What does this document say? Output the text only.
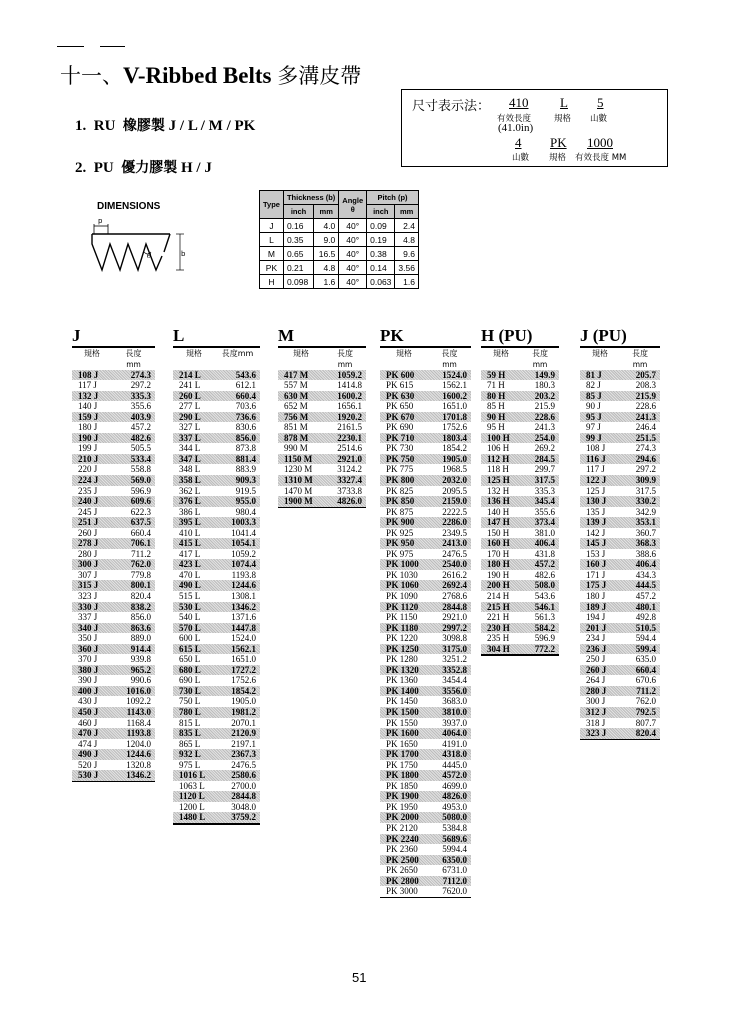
十一、V-Ribbed Belts 多溝皮帶
1. RU 橡膠製 J / L / M / PK
2. PU 優力膠製 H / J
尺寸表示法： 410 L 5
有效長度	規格 山數
(41.0in)
4 PK 1000
山數 規格 有效長度 MM
DIMENSIONS
p
θ	b
Type	Thickness (b)		Angle
θ	Pitch (p)	
	inch	mm		inch	mm
J	0.16	4.0	40°	0.09	2.4
L	0.35	9.0	40°	0.19	4.8
M	0.65	16.5	40°	0.38	9.6
PK	0.21	4.8	40°	0.14	3.56
H	0.098	1.6	40°	0.063	1.6
J
規格	長度
mm
108 J	274.3
117 J	297.2
132 J	335.3
140 J	355.6
159 J	403.9
180 J	457.2
190 J	482.6
199 J	505.5
210 J	533.4
220 J	558.8
224 J	569.0
235 J	596.9
240 J	609.6
245 J	622.3
251 J	637.5
260 J	660.4
278 J	706.1
280 J	711.2
300 J	762.0
307 J	779.8
315 J	800.1
323 J	820.4
330 J	838.2
337 J	856.0
340 J	863.6
350 J	889.0
360 J	914.4
370 J	939.8
380 J	965.2
390 J	990.6
400 J	1016.0
430 J	1092.2
450 J	1143.0
460 J	1168.4
470 J	1193.8
474 J	1204.0
490 J	1244.6
520 J	1320.8
530 J	1346.2
L
規格	長度mm
214 L	543.6
241 L	612.1
260 L	660.4
277 L	703.6
290 L	736.6
327 L	830.6
337 L	856.0
344 L	873.8
347 L	881.4
348 L	883.9
358 L	909.3
362 L	919.5
376 L	955.0
386 L	980.4
395 L	1003.3
410 L	1041.4
415 L	1054.1
417 L	1059.2
423 L	1074.4
470 L	1193.8
490 L	1244.6
515 L	1308.1
530 L	1346.2
540 L	1371.6
570 L	1447.8
600 L	1524.0
615 L	1562.1
650 L	1651.0
680 L	1727.2
690 L	1752.6
730 L	1854.2
750 L	1905.0
780 L	1981.2
815 L	2070.1
835 L	2120.9
865 L	2197.1
932 L	2367.3
975 L	2476.5
1016 L	2580.6
1063 L	2700.0
1120 L	2844.8
1200 L	3048.0
1480 L	3759.2
M
規格	長度
mm
417 M	1059.2
557 M	1414.8
630 M	1600.2
652 M	1656.1
756 M	1920.2
851 M	2161.5
878 M	2230.1
990 M	2514.6
1150 M	2921.0
1230 M	3124.2
1310 M	3327.4
1470 M	3733.8
1900 M	4826.0
PK
規格	長度
mm
PK 600	1524.0
PK 615	1562.1
PK 630	1600.2
PK 650	1651.0
PK 670	1701.8
PK 690	1752.6
PK 710	1803.4
PK 730	1854.2
PK 750	1905.0
PK 775	1968.5
PK 800	2032.0
PK 825	2095.5
PK 850	2159.0
PK 875	2222.5
PK 900	2286.0
PK 925	2349.5
PK 950	2413.0
PK 975	2476.5
PK 1000	2540.0
PK 1030	2616.2
PK 1060	2692.4
PK 1090	2768.6
PK 1120	2844.8
PK 1150	2921.0
PK 1180	2997.2
PK 1220	3098.8
PK 1250	3175.0
PK 1280	3251.2
PK 1320	3352.8
PK 1360	3454.4
PK 1400	3556.0
PK 1450	3683.0
PK 1500	3810.0
PK 1550	3937.0
PK 1600	4064.0
PK 1650	4191.0
PK 1700	4318.0
PK 1750	4445.0
PK 1800	4572.0
PK 1850	4699.0
PK 1900	4826.0
PK 1950	4953.0
PK 2000	5080.0
PK 2120	5384.8
PK 2240	5689.6
PK 2360	5994.4
PK 2500	6350.0
PK 2650	6731.0
PK 2800	7112.0
PK 3000	7620.0
H (PU)
規格	長度
mm
59 H	149.9
71 H	180.3
80 H	203.2
85 H	215.9
90 H	228.6
95 H	241.3
100 H	254.0
106 H	269.2
112 H	284.5
118 H	299.7
125 H	317.5
132 H	335.3
136 H	345.4
140 H	355.6
147 H	373.4
150 H	381.0
160 H	406.4
170 H	431.8
180 H	457.2
190 H	482.6
200 H	508.0
214 H	543.6
215 H	546.1
221 H	561.3
230 H	584.2
235 H	596.9
304 H	772.2
J (PU)
規格	長度
mm
81 J	205.7
82 J	208.3
85 J	215.9
90 J	228.6
95 J	241.3
97 J	246.4
99 J	251.5
108 J	274.3
116 J	294.6
117 J	297.2
122 J	309.9
125 J	317.5
130 J	330.2
135 J	342.9
139 J	353.1
142 J	360.7
145 J	368.3
153 J	388.6
160 J	406.4
171 J	434.3
175 J	444.5
180 J	457.2
189 J	480.1
194 J	492.8
201 J	510.5
234 J	594.4
236 J	599.4
250 J	635.0
260 J	660.4
264 J	670.6
280 J	711.2
300 J	762.0
312 J	792.5
318 J	807.7
323 J	820.4
51
